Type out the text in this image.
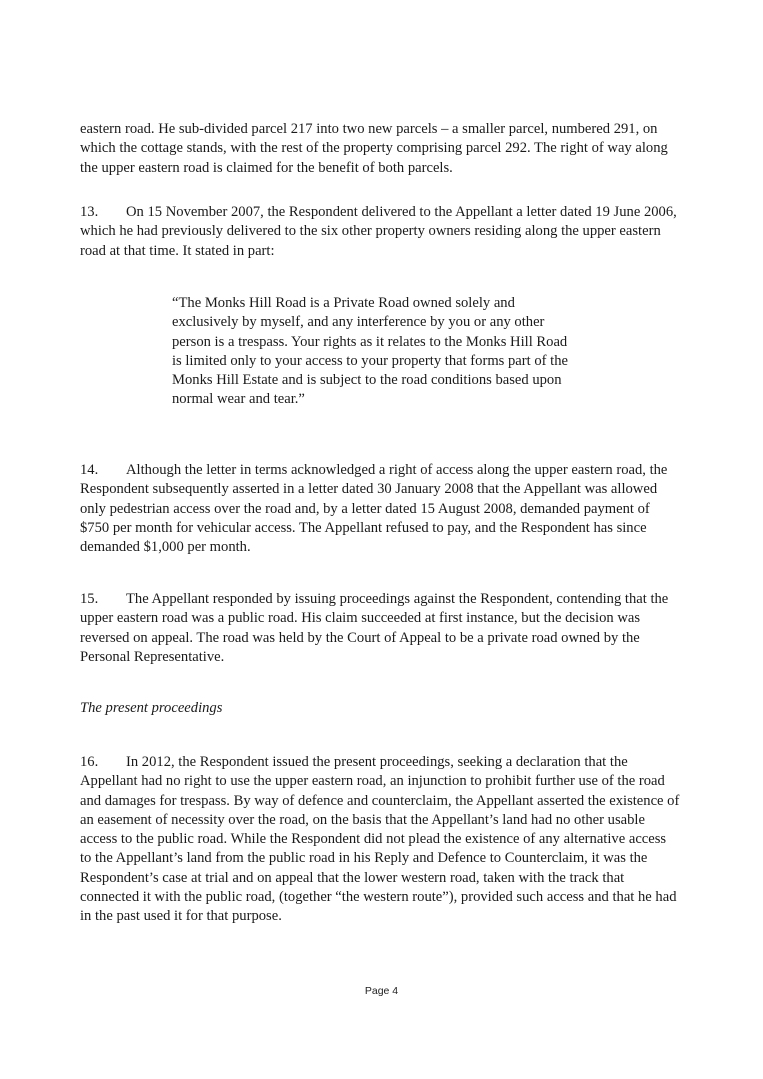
eastern road. He sub-divided parcel 217 into two new parcels – a smaller parcel, numbered 291, on which the cottage stands, with the rest of the property comprising parcel 292. The right of way along the upper eastern road is claimed for the benefit of both parcels.

13. On 15 November 2007, the Respondent delivered to the Appellant a letter dated 19 June 2006, which he had previously delivered to the six other property owners residing along the upper eastern road at that time. It stated in part:

“The Monks Hill Road is a Private Road owned solely and exclusively by myself, and any interference by you or any other person is a trespass. Your rights as it relates to the Monks Hill Road is limited only to your access to your property that forms part of the Monks Hill Estate and is subject to the road conditions based upon normal wear and tear.”

14. Although the letter in terms acknowledged a right of access along the upper eastern road, the Respondent subsequently asserted in a letter dated 30 January 2008 that the Appellant was allowed only pedestrian access over the road and, by a letter dated 15 August 2008, demanded payment of $750 per month for vehicular access. The Appellant refused to pay, and the Respondent has since demanded $1,000 per month.

15. The Appellant responded by issuing proceedings against the Respondent, contending that the upper eastern road was a public road. His claim succeeded at first instance, but the decision was reversed on appeal. The road was held by the Court of Appeal to be a private road owned by the Personal Representative.

The present proceedings

16. In 2012, the Respondent issued the present proceedings, seeking a declaration that the Appellant had no right to use the upper eastern road, an injunction to prohibit further use of the road and damages for trespass. By way of defence and counterclaim, the Appellant asserted the existence of an easement of necessity over the road, on the basis that the Appellant’s land had no other usable access to the public road. While the Respondent did not plead the existence of any alternative access to the Appellant’s land from the public road in his Reply and Defence to Counterclaim, it was the Respondent’s case at trial and on appeal that the lower western road, taken with the track that connected it with the public road, (together “the western route”), provided such access and that he had in the past used it for that purpose.

Page 4
